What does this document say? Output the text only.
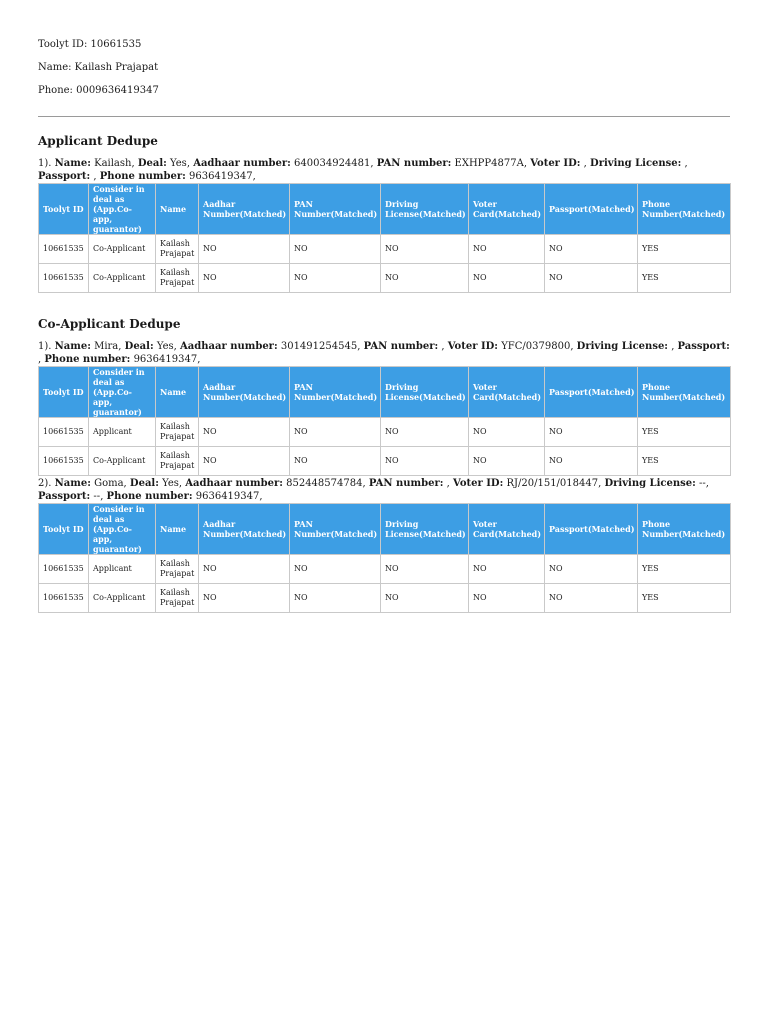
Toolyt ID: 10661535

Name: Kailash Prajapat

Phone: 0009636419347

Applicant Dedupe

1). Name: Kailash, Deal: Yes, Aadhaar number: 640034924481, PAN number: EXHPP4877A, Voter ID: , Driving License: , Passport: , Phone number: 9636419347,

Toolyt ID	Consider in deal as (App.Co-app, guarantor)	Name	Aadhar Number(Matched)	PAN Number(Matched)	Driving License(Matched)	Voter Card(Matched)	Passport(Matched)	Phone Number(Matched)
10661535	Co-Applicant	Kailash Prajapat	NO	NO	NO	NO	NO	YES
10661535	Co-Applicant	Kailash Prajapat	NO	NO	NO	NO	NO	YES
Co-Applicant Dedupe

1). Name: Mira, Deal: Yes, Aadhaar number: 301491254545, PAN number: , Voter ID: YFC/0379800, Driving License: , Passport: , Phone number: 9636419347,

Toolyt ID	Consider in deal as (App.Co-app, guarantor)	Name	Aadhar Number(Matched)	PAN Number(Matched)	Driving License(Matched)	Voter Card(Matched)	Passport(Matched)	Phone Number(Matched)
10661535	Applicant	Kailash Prajapat	NO	NO	NO	NO	NO	YES
10661535	Co-Applicant	Kailash Prajapat	NO	NO	NO	NO	NO	YES

2). Name: Goma, Deal: Yes, Aadhaar number: 852448574784, PAN number: , Voter ID: RJ/20/151/018447, Driving License: --, Passport: --, Phone number: 9636419347,

Toolyt ID	Consider in deal as (App.Co-app, guarantor)	Name	Aadhar Number(Matched)	PAN Number(Matched)	Driving License(Matched)	Voter Card(Matched)	Passport(Matched)	Phone Number(Matched)
10661535	Applicant	Kailash Prajapat	NO	NO	NO	NO	NO	YES
10661535	Co-Applicant	Kailash Prajapat	NO	NO	NO	NO	NO	YES
